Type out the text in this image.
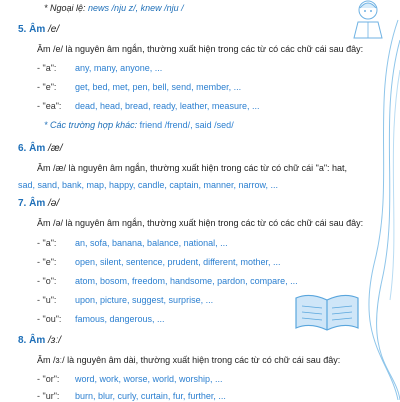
* Ngoại lệ: news /nju z/, knew /nju /
5. Âm /e/
Âm /e/ là nguyên âm ngắn, thường xuất hiện trong các từ có các chữ cái sau đây:
- "a": any, many, anyone, ...
- "e": get, bed, met, pen, bell, send, member, ...
- "ea": dead, head, bread, ready, leather, measure, ...
* Các trường hợp khác: friend /frend/, said /sed/
6. Âm /æ/
Âm /æ/ là nguyên âm ngắn, thường xuất hiện trong các từ có chữ cái "a": hat,
sad, sand, bank, map, happy, candle, captain, manner, narrow, ...
7. Âm /ə/
Âm /ə/ là nguyên âm ngắn, thường xuất hiện trong các từ có các chữ cái sau đây:
- "a": an, sofa, banana, balance, national, ...
- "e": open, silent, sentence, prudent, different, mother, ...
- "o": atom, bosom, freedom, handsome, pardon, compare, ...
- "u": upon, picture, suggest, surprise, ...
- "ou": famous, dangerous, ...
8. Âm /ɜː/
Âm /ɜː/ là nguyên âm dài, thường xuất hiện trong các từ có chữ cái sau đây:
- "or": word, work, worse, world, worship, ...
- "ur": burn, blur, curly, curtain, fur, further, ...
